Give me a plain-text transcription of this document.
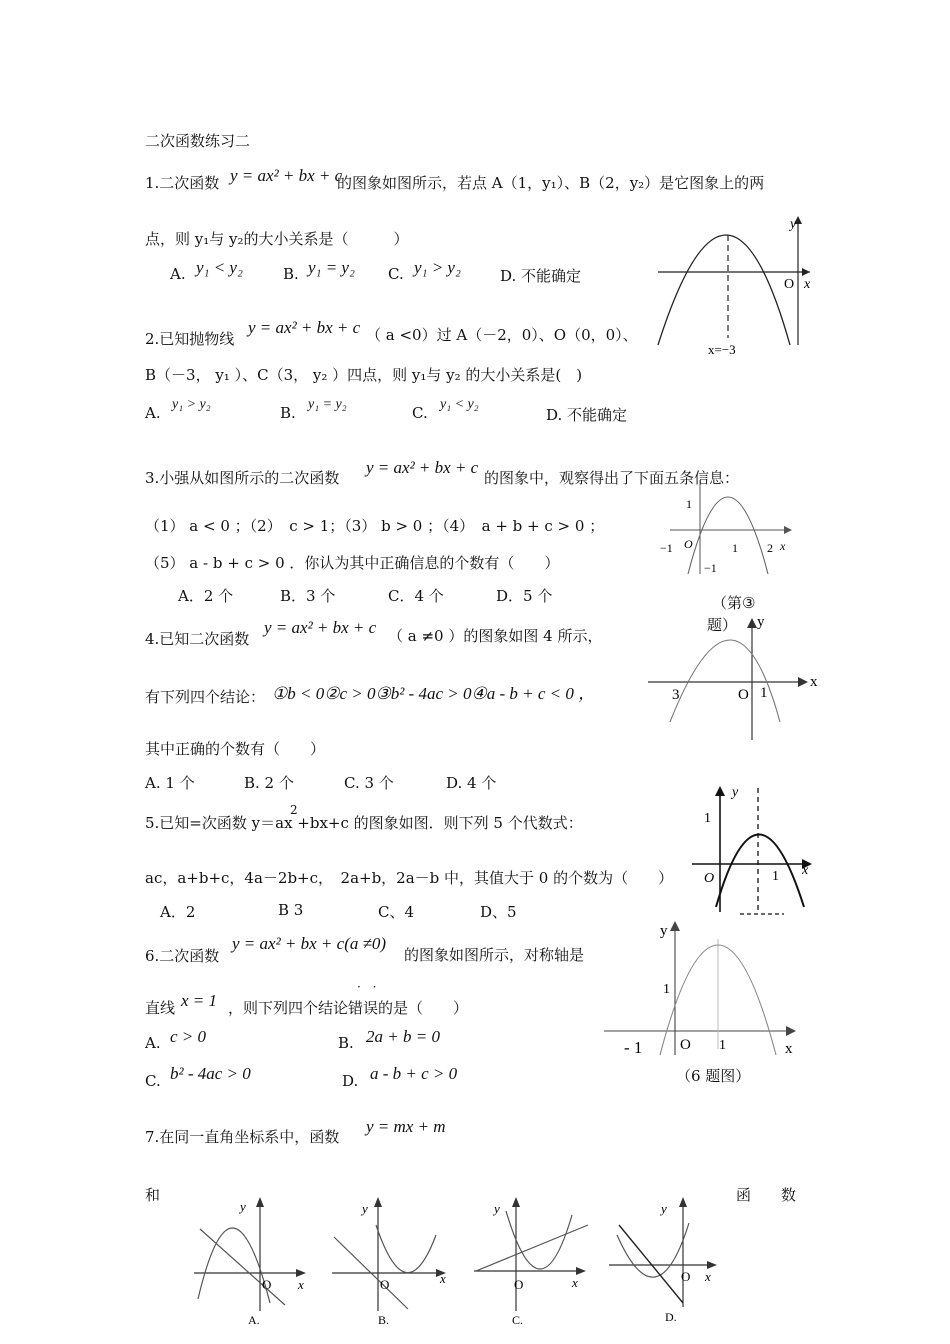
二次函数练习二
1.二次函数 y = ax² + bx + c
的图象如图所示，若点 A（1，y₁）、B（2，y₂）是它图象上的两
点，则 y₁与 y₂的大小关系是（　　　）
A. y₁ < y₂	B. y₁ = y₂ C. y₁ > y₂	D. 不能确定
y
O x
x=−3
2.已知抛物线
y = ax² + bx + c （ a <0）过 A（－2，0）、O（0，0）、
B（－3， y₁ ）、C（3， y₂ ）四点，则 y₁与 y₂ 的大小关系是(　)
A. y₁ > y₂	B. y₁ = y₂	C. y₁ < y₂
D. 不能确定
3.小强从如图所示的二次函数
y = ax² + bx + c
的图象中，观察得出了下面五条信息：
（1） a < 0 ；（2）　c > 1；（3） b > 0 ；（4）　a + b + c > 0 ；
（5） a - b + c > 0 ．你认为其中正确信息的个数有（　　）
A．2 个	B．3 个	C．4 个	D．5 个
1
−1 O	1 2 x
−1
（第③
题）
4.已知二次函数
y = ax² + bx + c （ a ≠0 ）的图象如图 4 所示，
有下列四个结论： ①b < 0②c > 0③b² - 4ac > 0④a - b + c < 0 ，
其中正确的个数有（　　）
A. 1 个	B. 2 个	C. 3 个	D. 4 个
y
x
3	O 1
5.已知=次函数 y＝ax +bx+c 的图象如图．则下列 5 个代数式：
2
ac，a+b+c，4a－2b+c，　2a+b，2a－b 中，其值大于 0 的个数为（　　）
A．2	B 3	C、4	D、5
y
1
O	1 x
6.二次函数
y = ax² + bx + c(a ≠0)
的图象如图所示，对称轴是
· ·
直线 x = 1 ，则下列四个结论错误的是（　　）
A. c > 0	B. 2a + b = 0
C. b² - 4ac > 0	D. a - b + c > 0
y
1
- 1	O 1	x
（6 题图）
7.在同一直角坐标系中，函数
y = mx + m
和	函　　数
y
O x
A.
y
O	x
B.
y
O	x
C.
y
O x
D.
